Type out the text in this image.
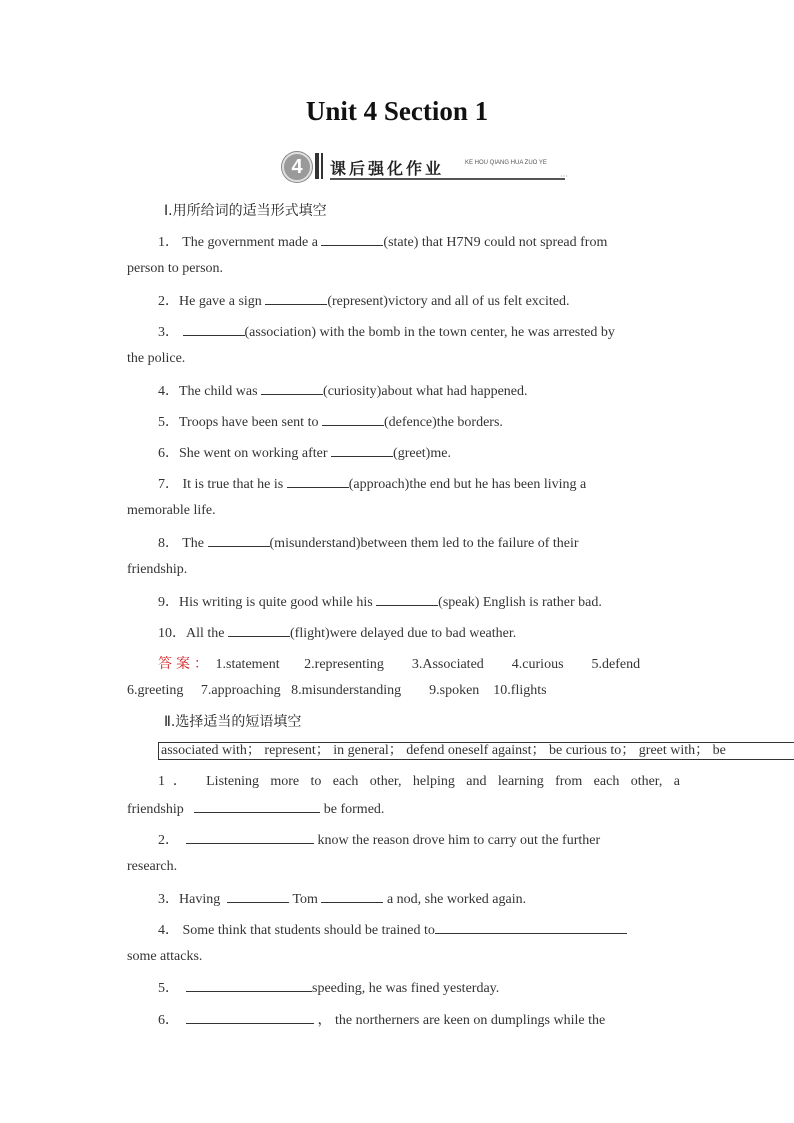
Unit 4 Section 1
4	课后强化作业	KE HOU QIANG HUA ZUO YE
···
Ⅰ.用所给词的适当形式填空
1． The government made a	(state) that H7N9 could not spread from
person to person.
2．He gave a sign	(represent)victory and all of us felt excited.
3．	(association) with the bomb in the town center, he was arrested by
the police.
4．The child was	(curiosity)about what had happened.
5．Troops have been sent to	(defence)the borders.
6．She went on working after	(greet)me.
7． It is true that he is	(approach)the end but he has been living a
memorable life.
8． The	(misunderstand)between them led to the failure of their
friendship.
9．His writing is quite good while his	(speak) English is rather bad.
10．All the	(flight)were delayed due to bad weather.
答案： 1.statement 2.representing 3.Associated 4.curious 5.defend
6.greeting 7.approaching 8.misunderstanding 9.spoken 10.flights
Ⅱ.选择适当的短语填空
associated with； represent； in general； defend oneself against； be curious to； greet with； be
1． Listening more to each other, helping and learning from each other, a
friendship	be formed.
2．	know the reason drove him to carry out the further
research.
3．Having	Tom	a nod, she worked again.
4． Some think that students should be trained to
some attacks.
5．	speeding, he was fined yesterday.
6．	， the northerners are keen on dumplings while the
